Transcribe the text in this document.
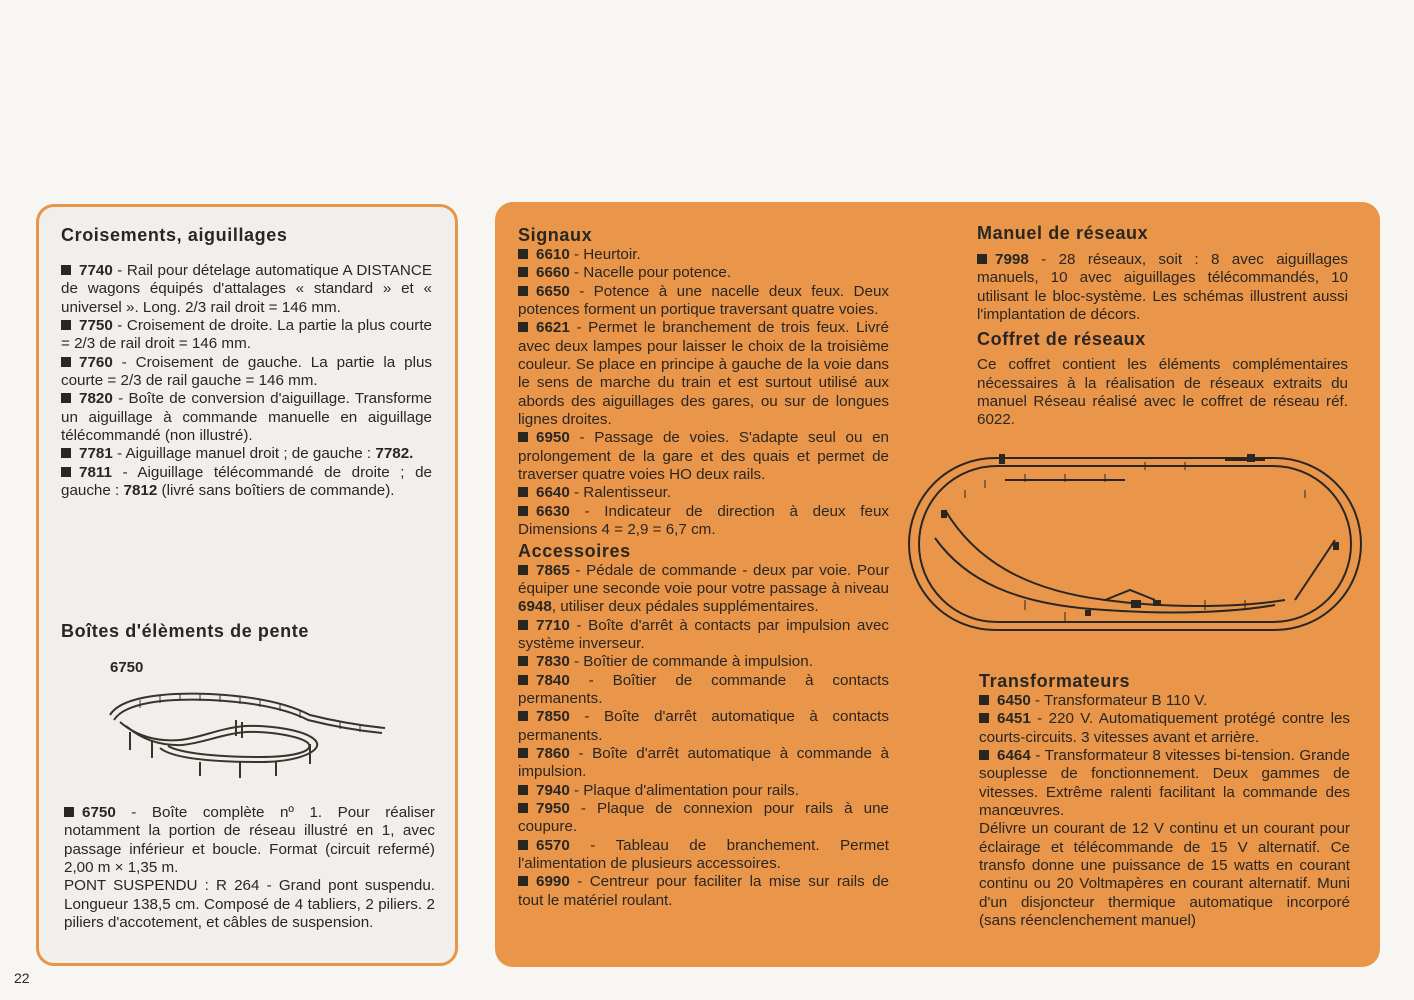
Croisements, aiguillages

7740 - Rail pour dételage automatique A DISTANCE de wagons équipés d'attalages « standard » et « universel ». Long. 2/3 rail droit = 146 mm.

7750 - Croisement de droite. La partie la plus courte = 2/3 de rail droit = 146 mm.

7760 - Croisement de gauche. La partie la plus courte = 2/3 de rail gauche = 146 mm.

7820 - Boîte de conversion d'aiguillage. Transforme un aiguillage à commande manuelle en aiguillage télécommandé (non illustré).

7781 - Aiguillage manuel droit ; de gauche : 7782.

7811 - Aiguillage télécommandé de droite ; de gauche : 7812 (livré sans boîtiers de commande).

Boîtes d'élèments de pente
6750

6750 - Boîte complète nº 1. Pour réaliser notamment la portion de réseau illustré en 1, avec passage inférieur et boucle. Format (circuit refermé) 2,00 m × 1,35 m.

PONT SUSPENDU : R 264 - Grand pont suspendu. Longueur 138,5 cm. Composé de 4 tabliers, 2 piliers. 2 piliers d'accotement, et câbles de suspension.

Signaux

6610 - Heurtoir.

6660 - Nacelle pour potence.

6650 - Potence à une nacelle deux feux. Deux potences forment un portique traversant quatre voies.

6621 - Permet le branchement de trois feux. Livré avec deux lampes pour laisser le choix de la troisième couleur. Se place en principe à gauche de la voie dans le sens de marche du train et est surtout utilisé aux abords des aiguillages des gares, ou sur de longues lignes droites.

6950 - Passage de voies. S'adapte seul ou en prolongement de la gare et des quais et permet de traverser quatre voies HO deux rails.

6640 - Ralentisseur.

6630 - Indicateur de direction à deux feux Dimensions 4 = 2,9 = 6,7 cm.

Accessoires

7865 - Pédale de commande - deux par voie. Pour équiper une seconde voie pour votre passage à niveau 6948, utiliser deux pédales supplémentaires.

7710 - Boîte d'arrêt à contacts par impulsion avec système inverseur.

7830 - Boîtier de commande à impulsion.

7840 - Boîtier de commande à contacts permanents.

7850 - Boîte d'arrêt automatique à contacts permanents.

7860 - Boîte d'arrêt automatique à commande à impulsion.

7940 - Plaque d'alimentation pour rails.

7950 - Plaque de connexion pour rails à une coupure.

6570 - Tableau de branchement. Permet l'alimentation de plusieurs accessoires.

6990 - Centreur pour faciliter la mise sur rails de tout le matériel roulant.

Manuel de réseaux

7998 - 28 réseaux, soit : 8 avec aiguillages manuels, 10 avec aiguillages télécommandés, 10 utilisant le bloc-système. Les schémas illustrent aussi l'implantation de décors.

Coffret de réseaux

Ce coffret contient les éléments complémentaires nécessaires à la réalisation de réseaux extraits du manuel Réseau réalisé avec le coffret de réseau réf. 6022.

Transformateurs

6450 - Transformateur B 110 V.

6451 - 220 V. Automatiquement protégé contre les courts-circuits. 3 vitesses avant et arrière.

6464 - Transformateur 8 vitesses bi-tension. Grande souplesse de fonctionnement. Deux gammes de vitesses. Extrême ralenti facilitant la commande des manœuvres.

Délivre un courant de 12 V continu et un courant pour éclairage et télécommande de 15 V alternatif. Ce transfo donne une puissance de 15 watts en courant continu ou 20 Voltmapères en courant alternatif. Muni d'un disjoncteur thermique automatique incorporé (sans réenclenchement manuel)

22
